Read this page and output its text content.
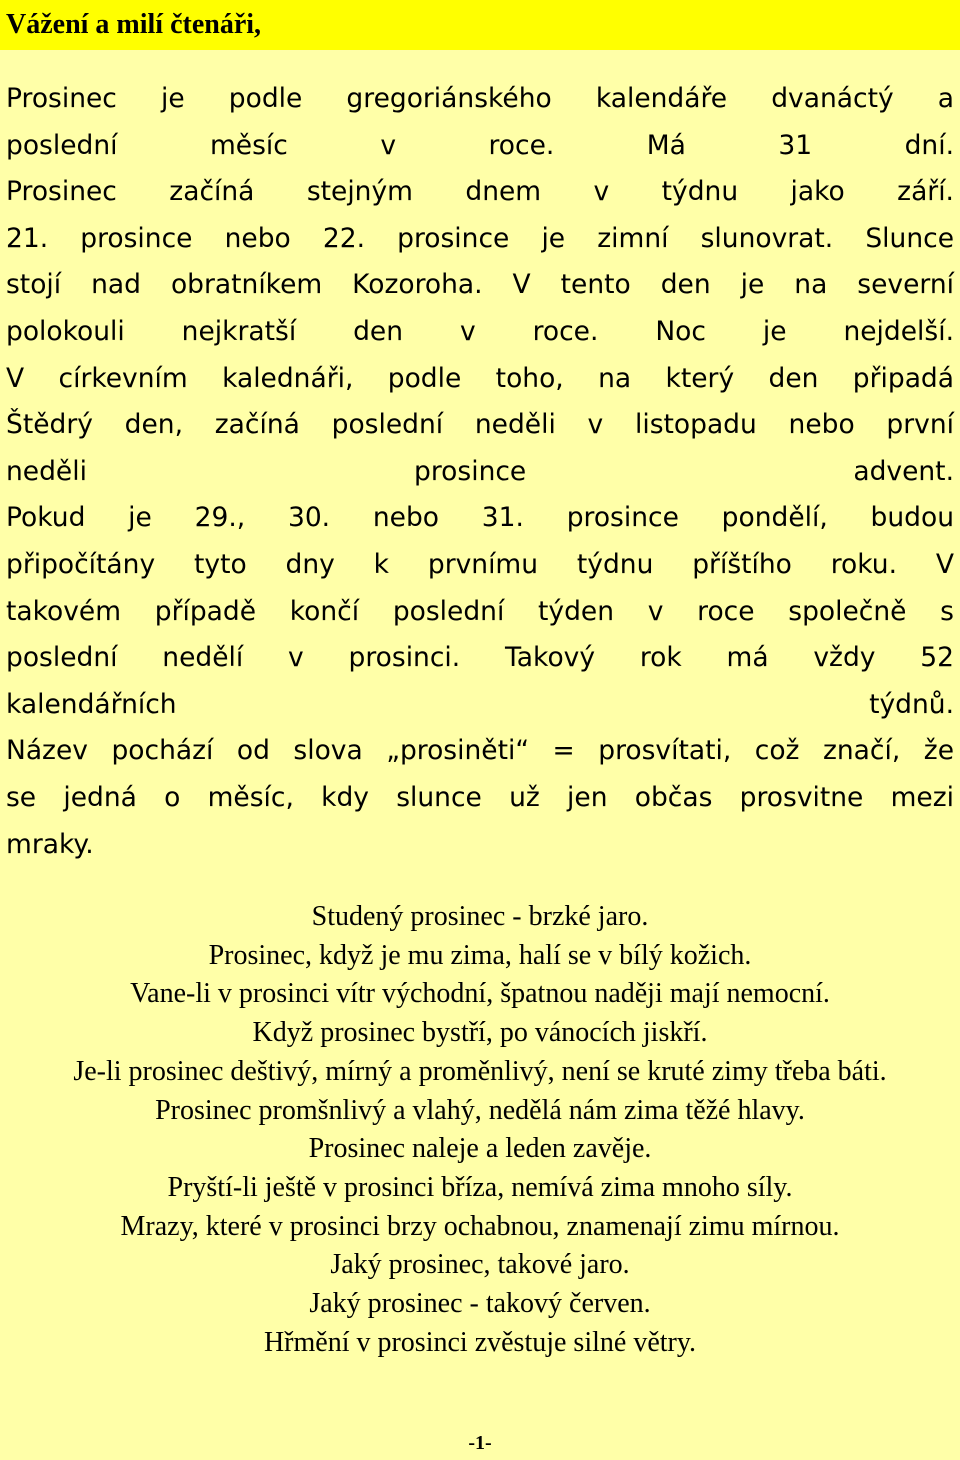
Vážení a milí čtenáři,
Prosinec je podle gregoriánského kalendáře dvanáctý a
poslední měsíc v roce. Má 31 dní.
Prosinec začíná stejným dnem v týdnu jako září.
21. prosince nebo 22. prosince je zimní slunovrat. Slunce
stojí nad obratníkem Kozoroha. V tento den je na severní
polokouli nejkratší den v roce. Noc je nejdelší.
V církevním kalednáři, podle toho, na který den připadá
Štědrý den, začíná poslední neděli v listopadu nebo první
neděli prosince advent.
Pokud je 29., 30. nebo 31. prosince pondělí, budou
připočítány tyto dny k prvnímu týdnu příštího roku. V
takovém případě končí poslední týden v roce společně s
poslední nedělí v prosinci. Takový rok má vždy 52
kalendářních týdnů.
Název pochází od slova „prosiněti“ = prosvítati, což značí, že
se jedná o měsíc, kdy slunce už jen občas prosvitne mezi
mraky.
Studený prosinec - brzké jaro.
Prosinec, když je mu zima, halí se v bílý kožich.
Vane-li v prosinci vítr východní, špatnou naději mají nemocní.
Když prosinec bystří, po vánocích jiskří.
Je-li prosinec deštivý, mírný a proměnlivý, není se kruté zimy třeba báti.
Prosinec promšnlivý a vlahý, nedělá nám zima těžé hlavy.
Prosinec naleje a leden zavěje.
Pryští-li ještě v prosinci bříza, nemívá zima mnoho síly.
Mrazy, které v prosinci brzy ochabnou, znamenají zimu mírnou.
Jaký prosinec, takové jaro.
Jaký prosinec - takový červen.
Hřmění v prosinci zvěstuje silné větry.
-1-
